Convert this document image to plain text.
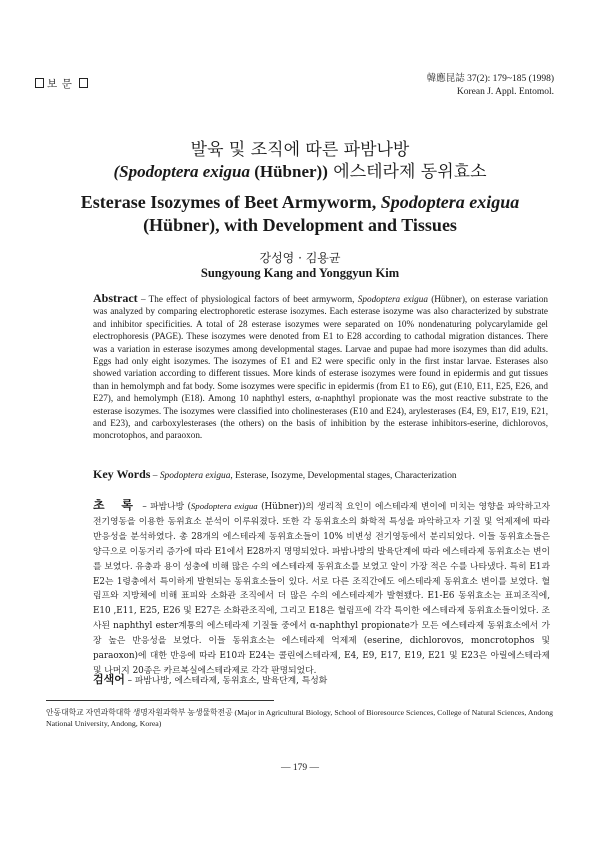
보 문	韓應昆誌 37(2): 179~185 (1998)
Korean J. Appl. Entomol.
발육 및 조직에 따른 파밤나방
(Spodoptera exigua (Hübner)) 에스테라제 동위효소
Esterase Isozymes of Beet Armyworm, Spodoptera exigua
(Hübner), with Development and Tissues
강성영 · 김용균
Sungyoung Kang and Yonggyun Kim
Abstract – The effect of physiological factors of beet armyworm, Spodoptera exigua (Hübner), on esterase variation was analyzed by comparing electrophoretic esterase isozymes. Each esterase isozyme was also characterized by substrate and inhibitor specificities. A total of 28 esterase isozymes were separated on 10% nondenaturing polycarylamide gel electrophoresis (PAGE). These isozymes were denoted from E1 to E28 according to cathodal migration distances. There was a variation in esterase isozymes among developmental stages. Larvae and pupae had more isozymes than did adults. Eggs had only eight isozymes. The isozymes of E1 and E2 were specific only in the first instar larvae. Esterases also showed variation according to different tissues. More kinds of esterase isozymes were found in epidermis and gut tissues than in hemolymph and fat body. Some isozymes were specific in epidermis (from E1 to E6), gut (E10, E11, E25, E26, and E27), and hemolymph (E18). Among 10 naphthyl esters, α-naphthyl propionate was the most reactive substrate to the esterase isozymes. The isozymes were classified into cholinesterases (E10 and E24), arylesterases (E4, E9, E17, E19, E21, and E23), and carboxylesterases (the others) on the basis of inhibition by the esterase inhibitors-eserine, dichlorovos, moncrotophos, and paraoxon.
Key Words – Spodoptera exigua, Esterase, Isozyme, Developmental stages, Characterization
초 록 – 파밤나방 (Spodoptera exigua (Hübner))의 생리적 요인이 에스테라제 변이에 미치는 영향을 파악하고자 전기영동을 이용한 동위효소 분석이 이루워졌다. 또한 각 동위효소의 화학적 특성을 파악하고자 기질 및 억제제에 따라 반응성을 분석하였다. 총 28개의 에스테라제 동위효소들이 10% 비변성 전기영동에서 분리되었다. 이들 동위효소들은 양극으로 이동거리 증가에 따라 E1에서 E28까지 명명되었다. 파밤나방의 발육단계에 따라 에스테라제 동위효소는 변이를 보였다. 유충과 용이 성충에 비해 많은 수의 에스테라제 동위효소를 보였고 알이 가장 적은 수를 나타냈다. 특히 E1과 E2는 1령충에서 특이하게 발현되는 동위효소들이 있다. 서로 다른 조직간에도 에스테라제 동위효소 변이를 보였다. 혈림프와 지방체에 비해 표피와 소화관 조직에서 더 많은 수의 에스테라제가 발현됐다. E1-E6 동위효소는 표피조직에, E10 ,E11, E25, E26 및 E27은 소화관조직에, 그리고 E18은 혈림프에 각각 특이한 에스테라제 동위효소들이었다. 조사된 naphthyl ester계통의 에스테라제 기질들 중에서 α-naphthyl propionate가 모든 에스테라제 동위효소에서 가장 높은 반응성을 보였다. 이들 동위효소는 에스테라제 억제제 (eserine, dichlorovos, moncrotophos 및 paraoxon)에 대한 반응에 따라 E10과 E24는 콜린에스테라제, E4, E9, E17, E19, E21 및 E23은 아릴에스테라제 및 나머지 20종은 카르복실에스테라제로 각각 판명되었다.
검색어 – 파밤나방, 에스테라제, 동위효소, 발육단계, 특성화
안동대학교 자연과학대학 생명자원과학부 농생물학전공 (Major in Agricultural Biology, School of Bioresource Sciences, College of Natural Sciences, Andong National University, Andong, Korea)
— 179 —
